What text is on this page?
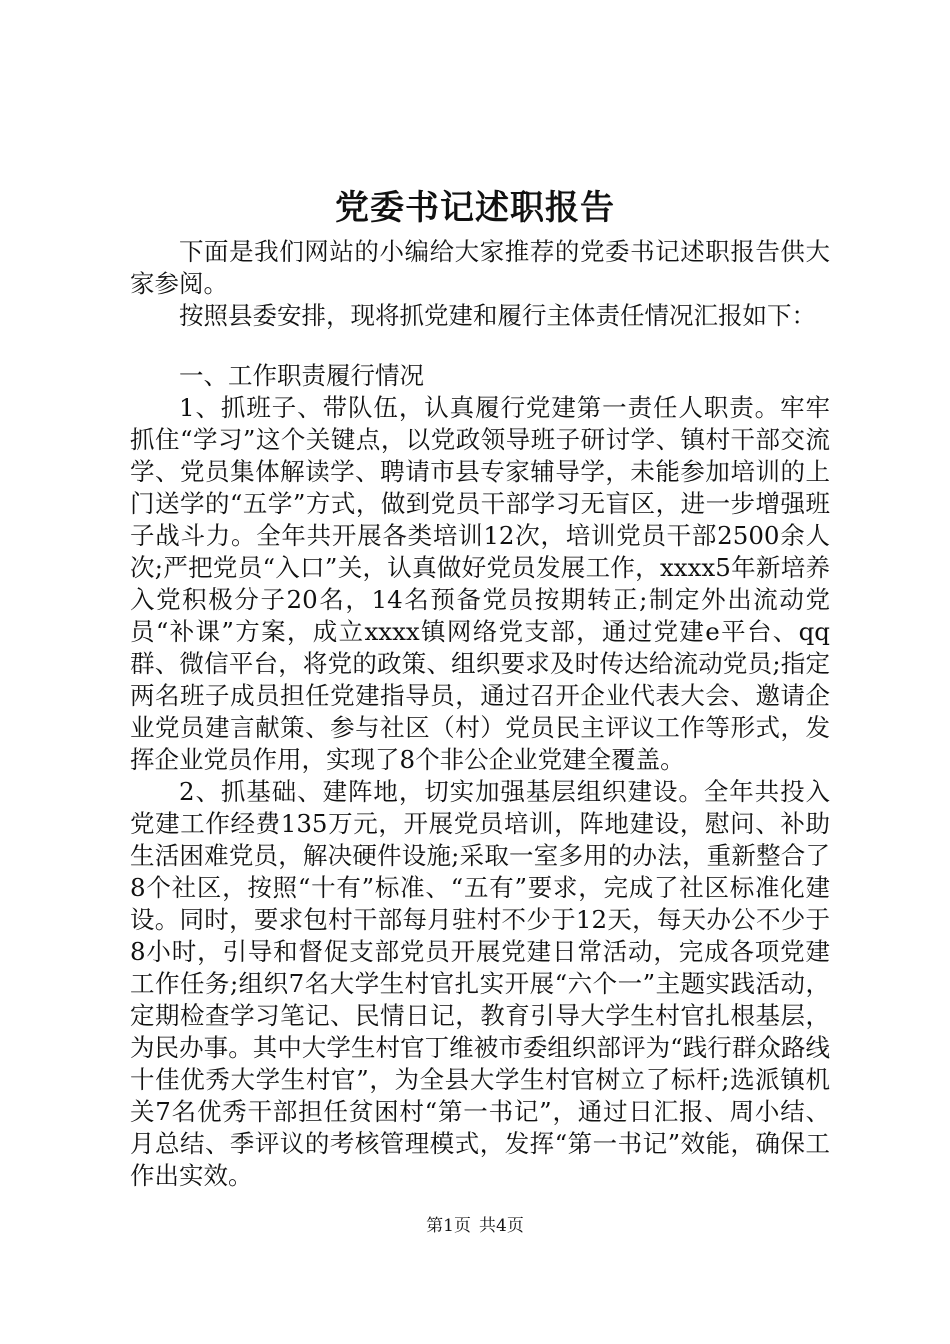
党委书记述职报告

下面是我们网站的小编给大家推荐的党委书记述职报告供大家参阅。

按照县委安排，现将抓党建和履行主体责任情况汇报如下：

一、工作职责履行情况

1、抓班子、带队伍，认真履行党建第一责任人职责。牢牢抓住“学习”这个关键点，以党政领导班子研讨学、镇村干部交流学、党员集体解读学、聘请市县专家辅导学，未能参加培训的上门送学的“五学”方式，做到党员干部学习无盲区，进一步增强班子战斗力。全年共开展各类培训12次，培训党员干部2500余人次;严把党员“入口”关，认真做好党员发展工作，xxxx5年新培养入党积极分子20名，14名预备党员按期转正;制定外出流动党员“补课”方案，成立xxxx镇网络党支部，通过党建e平台、qq群、微信平台，将党的政策、组织要求及时传达给流动党员;指定两名班子成员担任党建指导员，通过召开企业代表大会、邀请企业党员建言献策、参与社区（村）党员民主评议工作等形式，发挥企业党员作用，实现了8个非公企业党建全覆盖。

2、抓基础、建阵地，切实加强基层组织建设。全年共投入党建工作经费135万元，开展党员培训，阵地建设，慰问、补助生活困难党员，解决硬件设施;采取一室多用的办法，重新整合了8个社区，按照“十有”标准、“五有”要求，完成了社区标准化建设。同时，要求包村干部每月驻村不少于12天，每天办公不少于8小时，引导和督促支部党员开展党建日常活动，完成各项党建工作任务;组织7名大学生村官扎实开展“六个一”主题实践活动，定期检查学习笔记、民情日记，教育引导大学生村官扎根基层，为民办事。其中大学生村官丁维被市委组织部评为“践行群众路线十佳优秀大学生村官”，为全县大学生村官树立了标杆;选派镇机关7名优秀干部担任贫困村“第一书记”，通过日汇报、周小结、月总结、季评议的考核管理模式，发挥“第一书记”效能，确保工作出实效。

第1页 共4页
